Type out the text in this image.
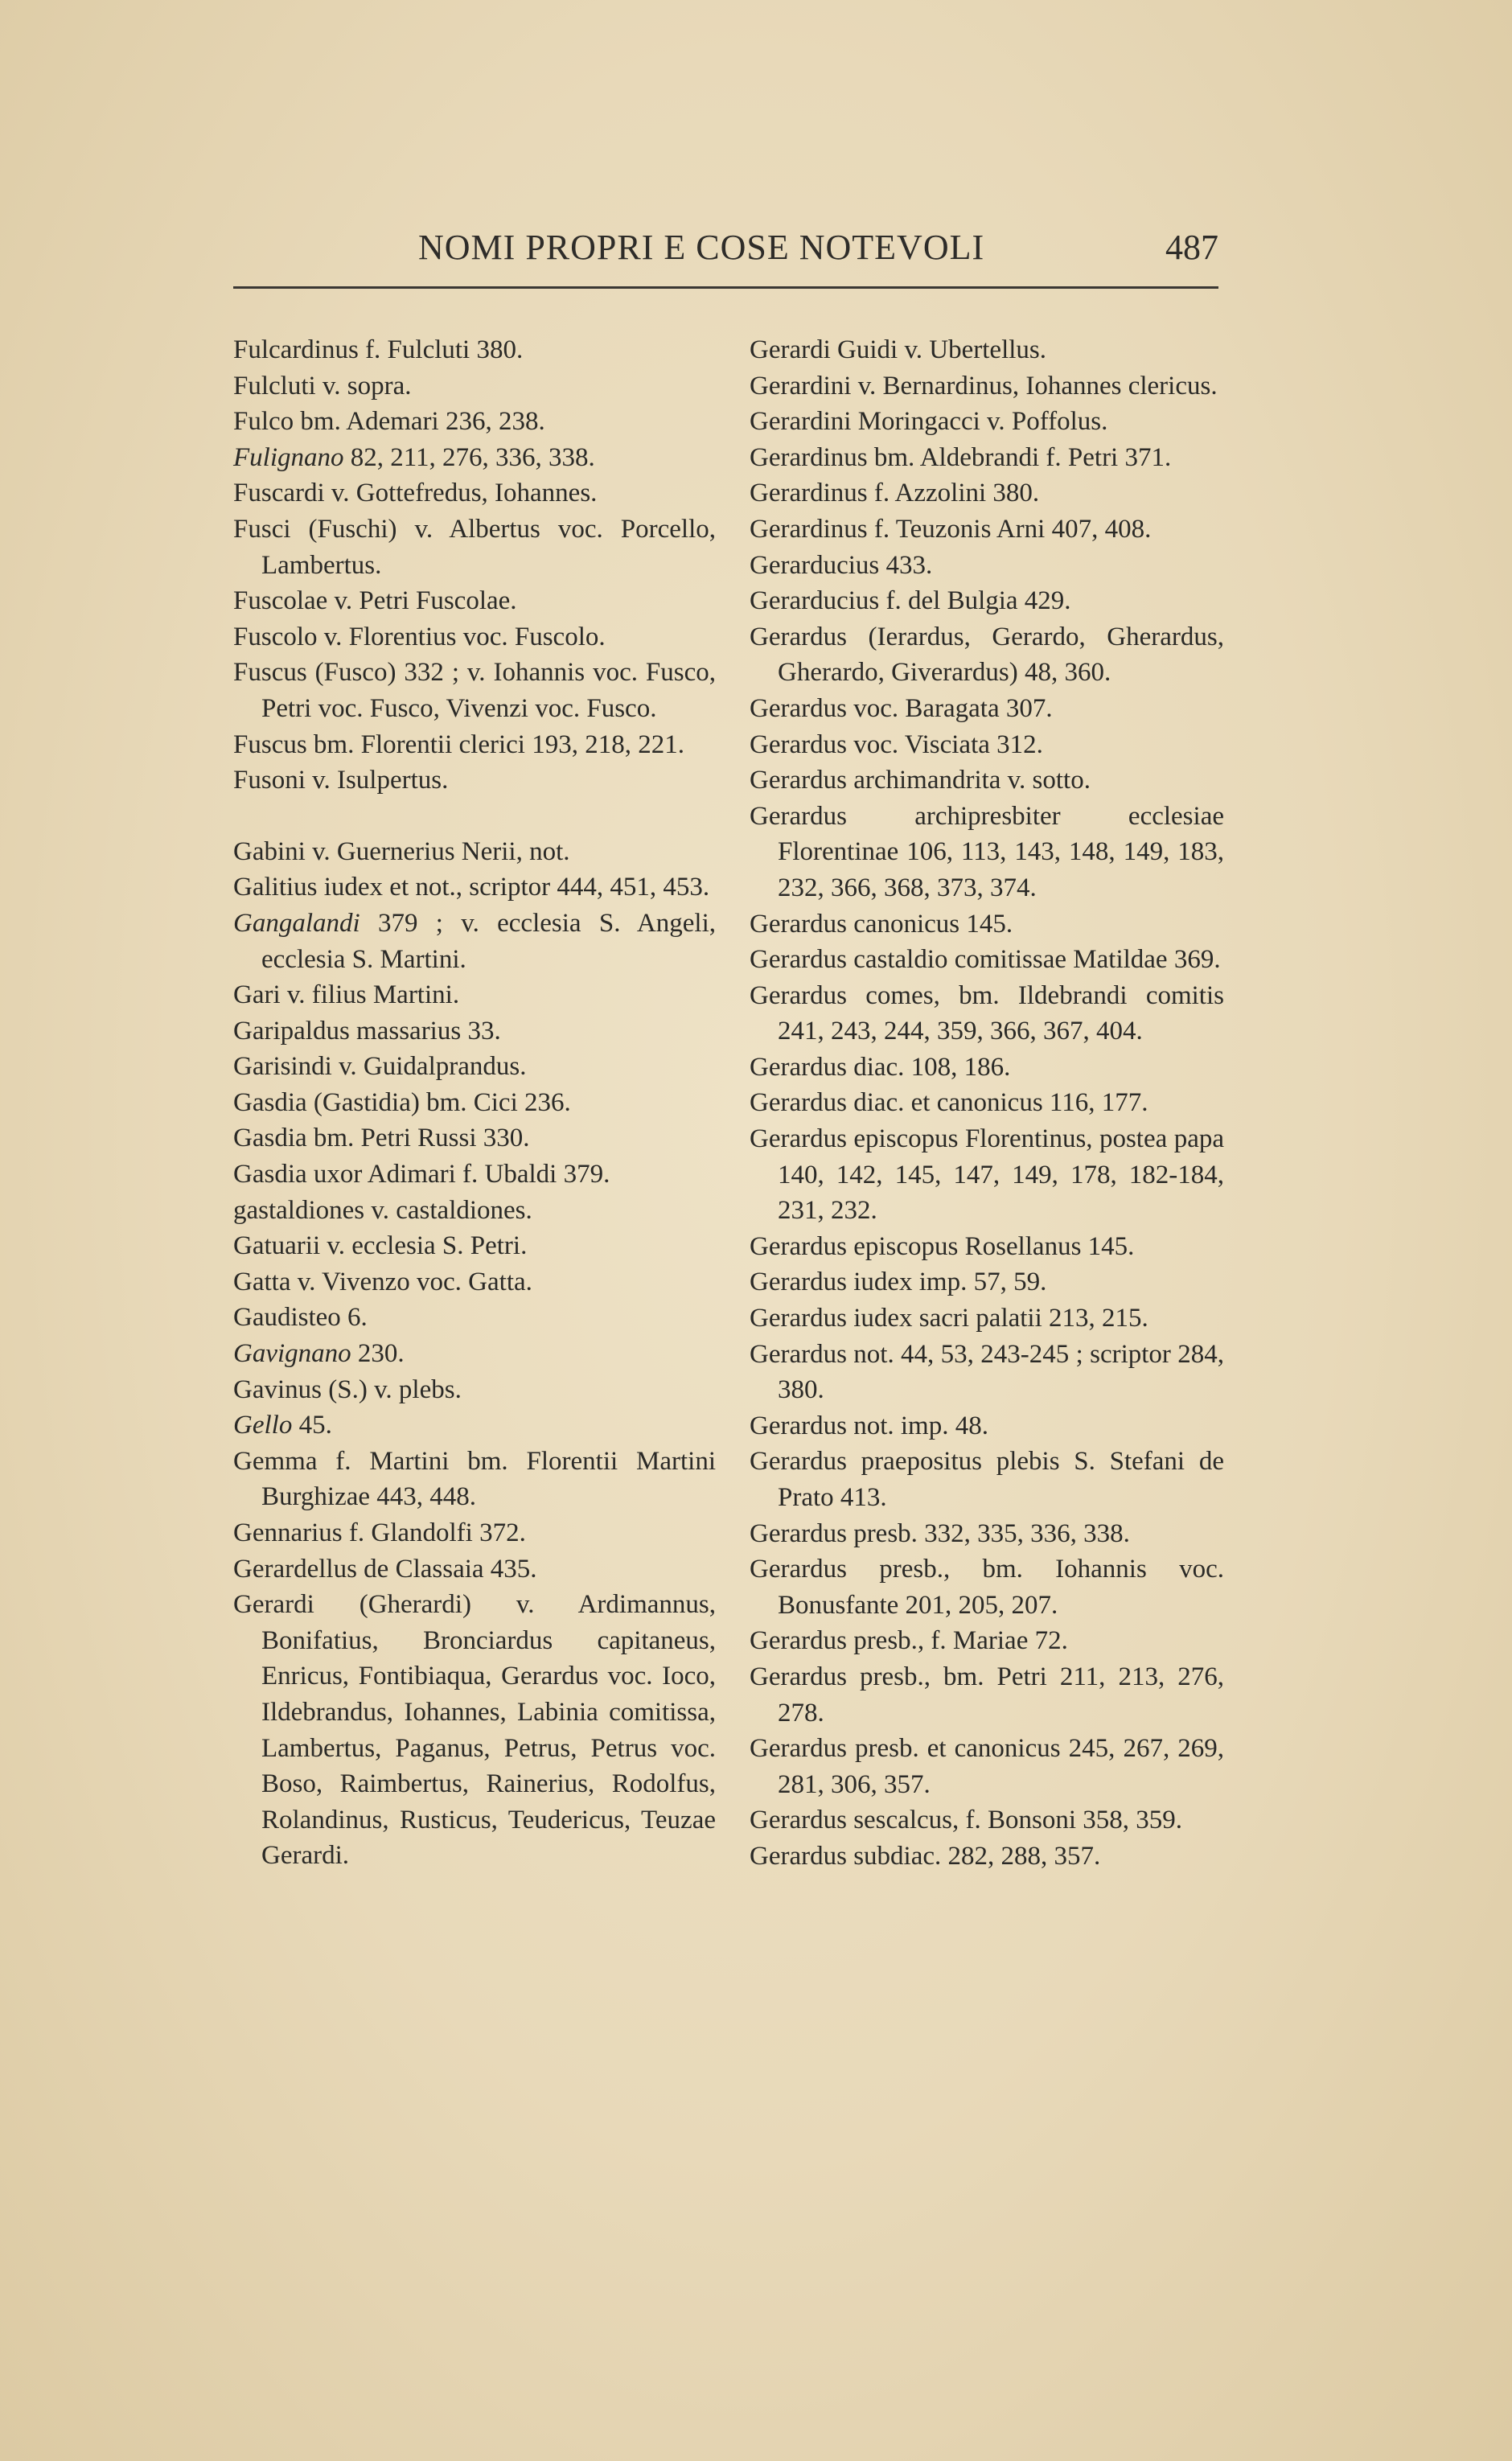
NOMI PROPRI E COSE NOTEVOLI	487
Fulcardinus f. Fulcluti 380.
Fulcluti v. sopra.
Fulco bm. Ademari 236, 238.
Fulignano 82, 211, 276, 336, 338.
Fuscardi v. Gottefredus, Iohannes.
Fusci (Fuschi) v. Albertus voc. Porcello, Lambertus.
Fuscolae v. Petri Fuscolae.
Fuscolo v. Florentius voc. Fuscolo.
Fuscus (Fusco) 332 ; v. Iohannis voc. Fusco, Petri voc. Fusco, Vivenzi voc. Fusco.
Fuscus bm. Florentii clerici 193, 218, 221.
Fusoni v. Isulpertus.
Gabini v. Guernerius Nerii, not.
Galitius iudex et not., scriptor 444, 451, 453.
Gangalandi 379 ; v. ecclesia S. Angeli, ecclesia S. Martini.
Gari v. filius Martini.
Garipaldus massarius 33.
Garisindi v. Guidalprandus.
Gasdia (Gastidia) bm. Cici 236.
Gasdia bm. Petri Russi 330.
Gasdia uxor Adimari f. Ubaldi 379.
gastaldiones v. castaldiones.
Gatuarii v. ecclesia S. Petri.
Gatta v. Vivenzo voc. Gatta.
Gaudisteo 6.
Gavignano 230.
Gavinus (S.) v. plebs.
Gello 45.
Gemma f. Martini bm. Florentii Martini Burghizae 443, 448.
Gennarius f. Glandolfi 372.
Gerardellus de Classaia 435.
Gerardi (Gherardi) v. Ardimannus, Bonifatius, Bronciardus capitaneus, Enricus, Fontibiaqua, Gerardus voc. Ioco, Ildebrandus, Iohannes, Labinia comitissa, Lambertus, Paganus, Petrus, Petrus voc. Boso, Raimbertus, Rainerius, Rodolfus, Rolandinus, Rusticus, Teudericus, Teuzae Gerardi.
Gerardi Guidi v. Ubertellus.
Gerardini v. Bernardinus, Iohannes clericus.
Gerardini Moringacci v. Poffolus.
Gerardinus bm. Aldebrandi f. Petri 371.
Gerardinus f. Azzolini 380.
Gerardinus f. Teuzonis Arni 407, 408.
Gerarducius 433.
Gerarducius f. del Bulgia 429.
Gerardus (Ierardus, Gerardo, Gherardus, Gherardo, Giverardus) 48, 360.
Gerardus voc. Baragata 307.
Gerardus voc. Visciata 312.
Gerardus archimandrita v. sotto.
Gerardus archipresbiter ecclesiae Florentinae 106, 113, 143, 148, 149, 183, 232, 366, 368, 373, 374.
Gerardus canonicus 145.
Gerardus castaldio comitissae Matildae 369.
Gerardus comes, bm. Ildebrandi comitis 241, 243, 244, 359, 366, 367, 404.
Gerardus diac. 108, 186.
Gerardus diac. et canonicus 116, 177.
Gerardus episcopus Florentinus, postea papa 140, 142, 145, 147, 149, 178, 182-184, 231, 232.
Gerardus episcopus Rosellanus 145.
Gerardus iudex imp. 57, 59.
Gerardus iudex sacri palatii 213, 215.
Gerardus not. 44, 53, 243-245 ; scriptor 284, 380.
Gerardus not. imp. 48.
Gerardus praepositus plebis S. Stefani de Prato 413.
Gerardus presb. 332, 335, 336, 338.
Gerardus presb., bm. Iohannis voc. Bonusfante 201, 205, 207.
Gerardus presb., f. Mariae 72.
Gerardus presb., bm. Petri 211, 213, 276, 278.
Gerardus presb. et canonicus 245, 267, 269, 281, 306, 357.
Gerardus sescalcus, f. Bonsoni 358, 359.
Gerardus subdiac. 282, 288, 357.
